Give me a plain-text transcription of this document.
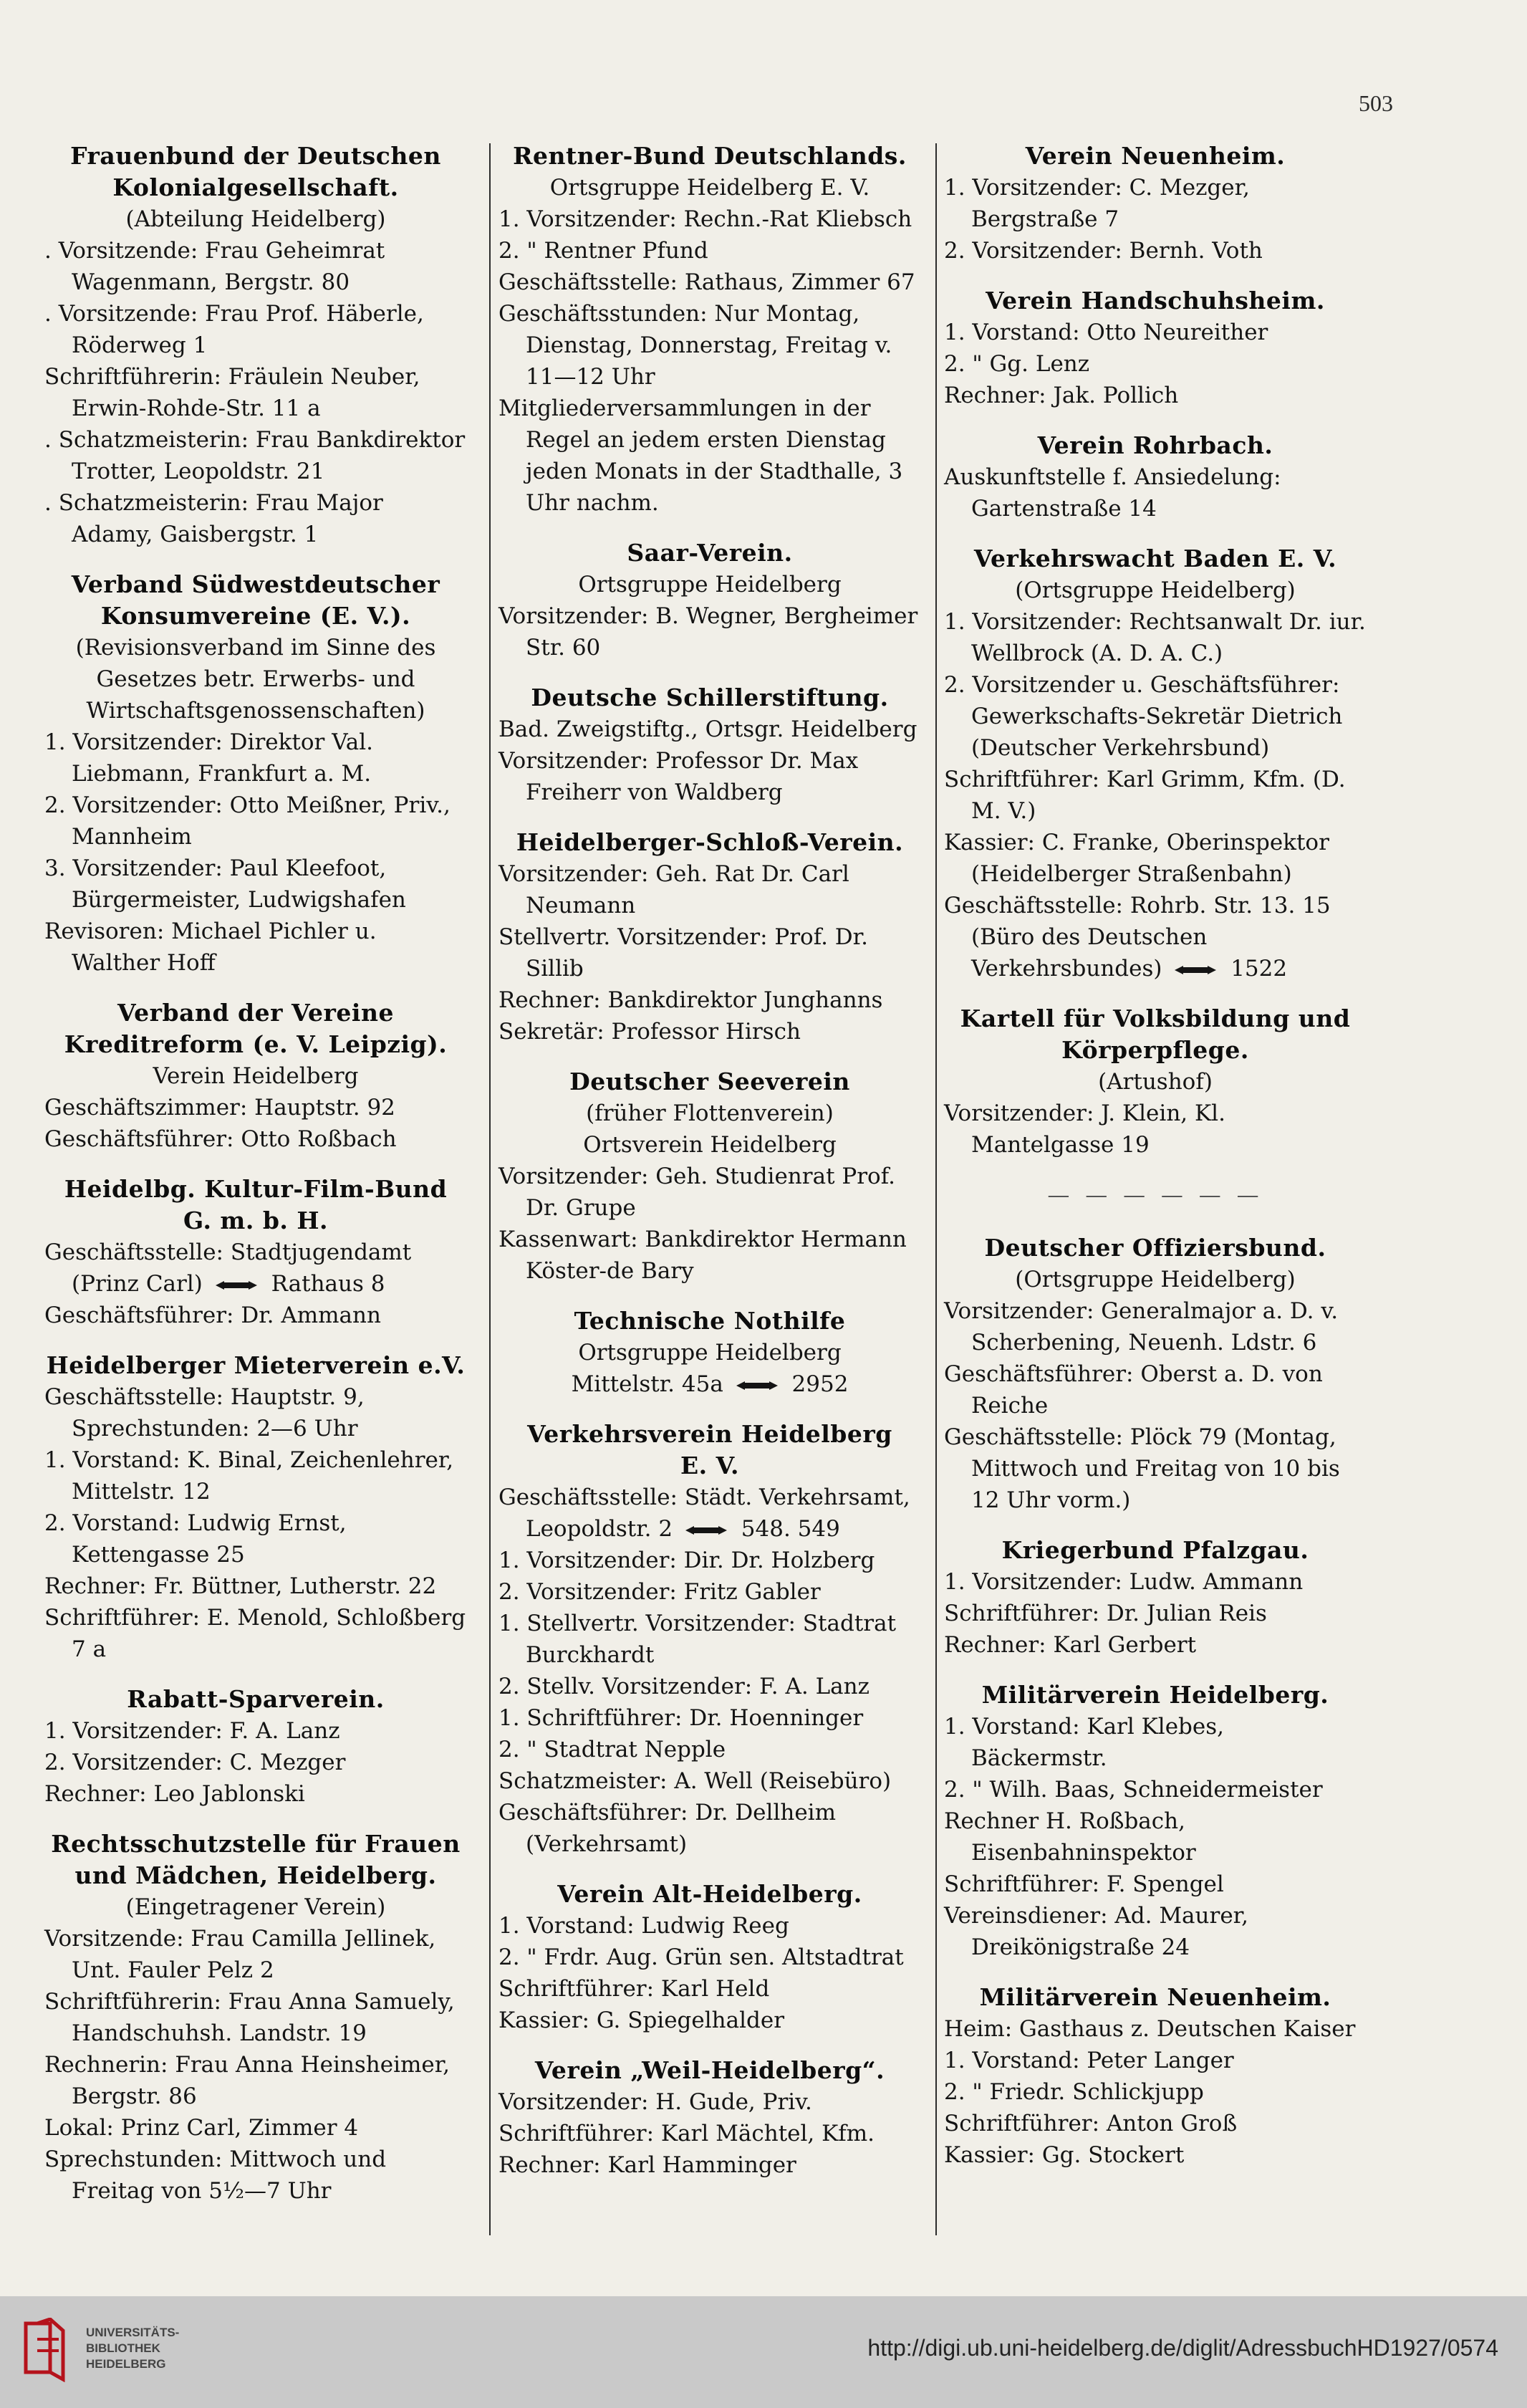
503
Frauenbund der Deutschen
Kolonialgesellschaft.
(Abteilung Heidelberg)
. Vorsitzende: Frau Geheimrat Wagenmann, Bergstr. 80
. Vorsitzende: Frau Prof. Häberle, Röderweg 1
Schriftführerin: Fräulein Neuber, Erwin-Rohde-Str. 11 a
. Schatzmeisterin: Frau Bankdirektor Trotter, Leopoldstr. 21
. Schatzmeisterin: Frau Major Adamy, Gaisbergstr. 1
Verband Südwestdeutscher
Konsumvereine (E. V.).
(Revisionsverband im Sinne des Gesetzes betr. Erwerbs- und Wirtschaftsgenossenschaften)
1. Vorsitzender: Direktor Val. Liebmann, Frankfurt a. M.
2. Vorsitzender: Otto Meißner, Priv., Mannheim
3. Vorsitzender: Paul Kleefoot, Bürgermeister, Ludwigshafen
Revisoren: Michael Pichler u. Walther Hoff
Verband der Vereine Kreditreform (e. V. Leipzig).
Verein Heidelberg
Geschäftszimmer: Hauptstr. 92
Geschäftsführer: Otto Roßbach
Heidelbg. Kultur-Film-Bund
G. m. b. H.
Geschäftsstelle: Stadtjugendamt (Prinz Carl)
Rathaus 8
Geschäftsführer: Dr. Ammann
Heidelberger Mieterverein e.V.
Geschäftsstelle: Hauptstr. 9, Sprechstunden: 2—6 Uhr
1. Vorstand: K. Binal, Zeichenlehrer, Mittelstr. 12
2. Vorstand: Ludwig Ernst, Kettengasse 25
Rechner: Fr. Büttner, Lutherstr. 22
Schriftführer: E. Menold, Schloßberg 7 a
Rabatt-Sparverein.
1. Vorsitzender: F. A. Lanz
2. Vorsitzender: C. Mezger
Rechner: Leo Jablonski
Rechtsschutzstelle für Frauen
und Mädchen, Heidelberg.
(Eingetragener Verein)
Vorsitzende: Frau Camilla Jellinek, Unt. Fauler Pelz 2
Schriftführerin: Frau Anna Samuely, Handschuhsh. Landstr. 19
Rechnerin: Frau Anna Heinsheimer, Bergstr. 86
Lokal: Prinz Carl, Zimmer 4
Sprechstunden: Mittwoch und Freitag von 5½—7 Uhr
Rentner-Bund Deutschlands.
Ortsgruppe Heidelberg E. V.
1. Vorsitzender: Rechn.-Rat Kliebsch
2. " Rentner Pfund
Geschäftsstelle: Rathaus, Zimmer 67
Geschäftsstunden: Nur Montag, Dienstag, Donnerstag, Freitag v. 11—12 Uhr
Mitgliederversammlungen in der Regel an jedem ersten Dienstag jeden Monats in der Stadthalle, 3 Uhr nachm.
Saar-Verein.
Ortsgruppe Heidelberg
Vorsitzender: B. Wegner, Bergheimer Str. 60
Deutsche Schillerstiftung.
Bad. Zweigstiftg., Ortsgr. Heidelberg
Vorsitzender: Professor Dr. Max Freiherr von Waldberg
Heidelberger-Schloß-Verein.
Vorsitzender: Geh. Rat Dr. Carl Neumann
Stellvertr. Vorsitzender: Prof. Dr. Sillib
Rechner: Bankdirektor Junghanns
Sekretär: Professor Hirsch
Deutscher Seeverein
(früher Flottenverein)
Ortsverein Heidelberg
Vorsitzender: Geh. Studienrat Prof. Dr. Grupe
Kassenwart: Bankdirektor Hermann Köster-de Bary
Technische Nothilfe
Ortsgruppe Heidelberg
Mittelstr. 45a
2952
Verkehrsverein Heidelberg
E. V.
Geschäftsstelle: Städt. Verkehrsamt, Leopoldstr. 2
548. 549
1. Vorsitzender: Dir. Dr. Holzberg
2. Vorsitzender: Fritz Gabler
1. Stellvertr. Vorsitzender: Stadtrat Burckhardt
2. Stellv. Vorsitzender: F. A. Lanz
1. Schriftführer: Dr. Hoenninger
2. " Stadtrat Nepple
Schatzmeister: A. Well (Reisebüro)
Geschäftsführer: Dr. Dellheim (Verkehrsamt)
Verein Alt-Heidelberg.
1. Vorstand: Ludwig Reeg
2. " Frdr. Aug. Grün sen. Altstadtrat
Schriftführer: Karl Held
Kassier: G. Spiegelhalder
Verein „Weil-Heidelberg“.
Vorsitzender: H. Gude, Priv.
Schriftführer: Karl Mächtel, Kfm.
Rechner: Karl Hamminger
Verein Neuenheim.
1. Vorsitzender: C. Mezger, Bergstraße 7
2. Vorsitzender: Bernh. Voth
Verein Handschuhsheim.
1. Vorstand: Otto Neureither
2. " Gg. Lenz
Rechner: Jak. Pollich
Verein Rohrbach.
Auskunftstelle f. Ansiedelung: Gartenstraße 14
Verkehrswacht Baden E. V.
(Ortsgruppe Heidelberg)
1. Vorsitzender: Rechtsanwalt Dr. iur. Wellbrock (A. D. A. C.)
2. Vorsitzender u. Geschäftsführer: Gewerkschafts-Sekretär Dietrich (Deutscher Verkehrsbund)
Schriftführer: Karl Grimm, Kfm. (D. M. V.)
Kassier: C. Franke, Oberinspektor (Heidelberger Straßenbahn)
Geschäftsstelle: Rohrb. Str. 13. 15 (Büro des Deutschen Verkehrsbundes)
1522
Kartell für Volksbildung und
Körperpflege.
(Artushof)
Vorsitzender: J. Klein, Kl. Mantelgasse 19
— — — — — —
Deutscher Offiziersbund.
(Ortsgruppe Heidelberg)
Vorsitzender: Generalmajor a. D. v. Scherbening, Neuenh. Ldstr. 6
Geschäftsführer: Oberst a. D. von Reiche
Geschäftsstelle: Plöck 79 (Montag, Mittwoch und Freitag von 10 bis 12 Uhr vorm.)
Kriegerbund Pfalzgau.
1. Vorsitzender: Ludw. Ammann
Schriftführer: Dr. Julian Reis
Rechner: Karl Gerbert
Militärverein Heidelberg.
1. Vorstand: Karl Klebes, Bäckermstr.
2. " Wilh. Baas, Schneidermeister
Rechner H. Roßbach, Eisenbahninspektor
Schriftführer: F. Spengel
Vereinsdiener: Ad. Maurer, Dreikönigstraße 24
Militärverein Neuenheim.
Heim: Gasthaus z. Deutschen Kaiser
1. Vorstand: Peter Langer
2. " Friedr. Schlickjupp
Schriftführer: Anton Groß
Kassier: Gg. Stockert
UNIVERSITÄTS-
BIBLIOTHEK
HEIDELBERG
http://digi.ub.uni-heidelberg.de/diglit/AdressbuchHD1927/0574
